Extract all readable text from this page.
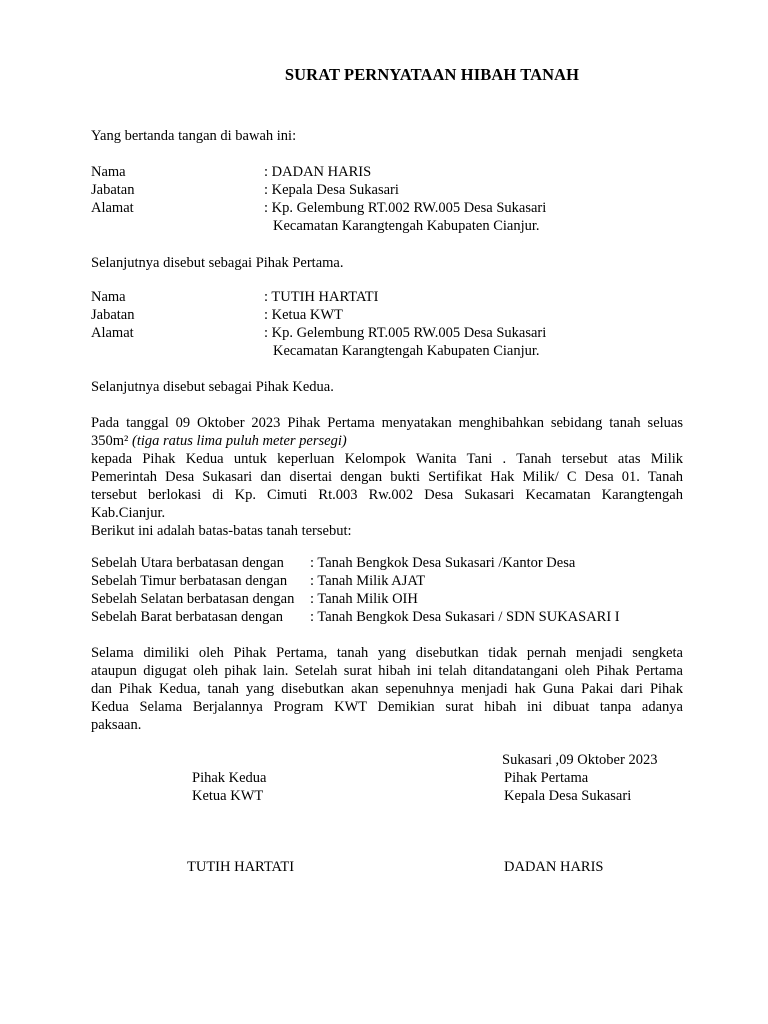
SURAT PERNYATAAN HIBAH TANAH
Yang bertanda tangan di bawah ini:
Nama	: DADAN HARIS
Jabatan	: Kepala Desa Sukasari
Alamat	: Kp. Gelembung RT.002 RW.005 Desa Sukasari
Kecamatan Karangtengah Kabupaten Cianjur.
Selanjutnya disebut sebagai Pihak Pertama.
Nama	: TUTIH HARTATI
Jabatan	: Ketua KWT
Alamat	: Kp. Gelembung RT.005 RW.005 Desa Sukasari
Kecamatan Karangtengah Kabupaten Cianjur.
Selanjutnya disebut sebagai Pihak Kedua.
Pada tanggal 09 Oktober 2023 Pihak Pertama menyatakan menghibahkan sebidang tanah seluas
350m² (tiga ratus lima puluh meter persegi)
kepada Pihak Kedua untuk keperluan Kelompok Wanita Tani . Tanah tersebut atas Milik
Pemerintah Desa Sukasari dan disertai dengan bukti Sertifikat Hak Milik/ C Desa 01. Tanah
tersebut berlokasi di Kp. Cimuti Rt.003 Rw.002 Desa Sukasari Kecamatan Karangtengah
Kab.Cianjur.
Berikut ini adalah batas-batas tanah tersebut:
Sebelah Utara berbatasan dengan : Tanah Bengkok Desa Sukasari /Kantor Desa
Sebelah Timur berbatasan dengan : Tanah Milik AJAT
Sebelah Selatan berbatasan dengan : Tanah Milik OIH
Sebelah Barat berbatasan dengan : Tanah Bengkok Desa Sukasari / SDN SUKASARI I
Selama dimiliki oleh Pihak Pertama, tanah yang disebutkan tidak pernah menjadi sengketa
ataupun digugat oleh pihak lain. Setelah surat hibah ini telah ditandatangani oleh Pihak Pertama
dan Pihak Kedua, tanah yang disebutkan akan sepenuhnya menjadi hak Guna Pakai dari Pihak
Kedua Selama Berjalannya Program KWT Demikian surat hibah ini dibuat tanpa adanya
paksaan.
Sukasari ,09 Oktober 2023
Pihak Kedua
Ketua KWT
TUTIH HARTATI
Pihak Pertama
Kepala Desa Sukasari
DADAN HARIS
